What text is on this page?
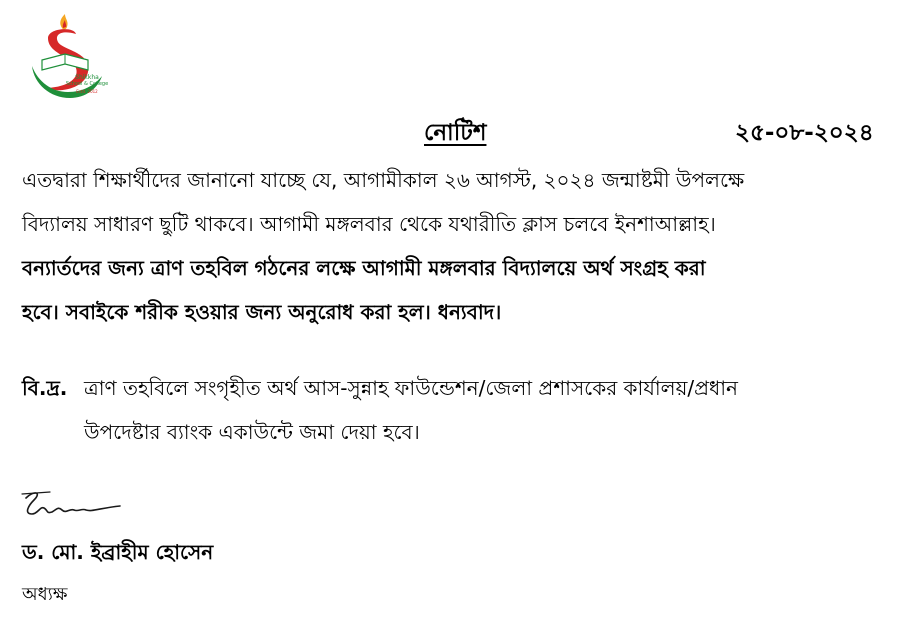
Shikkha
School & College
Estd. 2012
নোটিশ	২৫-০৮-২০২৪
এতদ্বারা শিক্ষার্থীদের জানানো যাচ্ছে যে, আগামীকাল ২৬ আগস্ট, ২০২৪ জন্মাষ্টমী উপলক্ষে
বিদ্যালয় সাধারণ ছুটি থাকবে। আগামী মঙ্গলবার থেকে যথারীতি ক্লাস চলবে ইনশাআল্লাহ।
বন্যার্তদের জন্য ত্রাণ তহবিল গঠনের লক্ষে আগামী মঙ্গলবার বিদ্যালয়ে অর্থ সংগ্রহ করা
হবে। সবাইকে শরীক হওয়ার জন্য অনুরোধ করা হল। ধন্যবাদ।
বি.দ্র. ত্রাণ তহবিলে সংগৃহীত অর্থ আস-সুন্নাহ ফাউন্ডেশন/জেলা প্রশাসকের কার্যালয়/প্রধান
উপদেষ্টার ব্যাংক একাউন্টে জমা দেয়া হবে।
ড. মো. ইব্রাহীম হোসেন
অধ্যক্ষ
